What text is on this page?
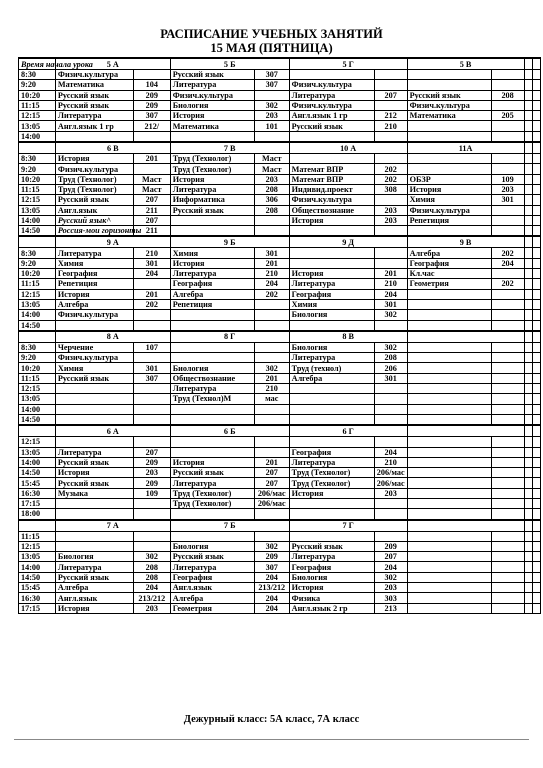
РАСПИСАНИЕ УЧЕБНЫХ ЗАНЯТИЙ
15 МАЯ (ПЯТНИЦА)
Время начала урока	5 А		5 Б		5 Г		5 В			
8:30	Физич.культура		Русский язык	307						
9:20	Математика	104	Литература	307	Физич.культура					
10:20	Русский язык	209	Физич.культура		Литература	207	Русский язык	208		
11:15	Русский язык	209	Биология	302	Физич.культура		Физич.культура			
12:15	Литература	307	История	203	Англ.язык 1 гр	212	Математика	205		
13:05	Англ.язык 1 гр	212/	Математика	101	Русский язык	210				
14:00										
	6 В		7 В		10 А		11А			
8:30	История	201	Труд (Технолог)	Маст						
9:20	Физич.культура		Труд (Технолог)	Маст	Математ ВПР	202				
10:20	Труд (Технолог)	Маст	История	203	Математ ВПР	202	ОБЗР	109		
11:15	Труд (Технолог)	Маст	Литература	208	Индивид.проект	308	История	203		
12:15	Русский язык	207	Информатика	306	Физич.культура		Химия	301		
13:05	Англ.язык	211	Русский язык	208	Обществознание	203	Физич.культура			
14:00	Русский язык^	207			История	203	Репетиция			
14:50	Россия-мои горизонты	211								
	9 А		9 Б		9 Д		9 В			
8:30	Литература	210	Химия	301			Алгебра	202		
9:20	Химия	301	История	201			География	204		
10:20	География	204	Литература	210	История	201	Кл.час			
11:15	Репетиция		География	204	Литература	210	Геометрия	202		
12:15	История	201	Алгебра	202	География	204				
13:05	Алгебра	202	Репетиция		Химия	301				
14:00	Физич.культура				Биология	302				
14:50										
	8 А		8 Г		8 В					
8:30	Черчение	107			Биология	302				
9:20	Физич.культура				Литература	208				
10:20	Химия	301	Биология	302	Труд (технол)	206				
11:15	Русский язык	307	Обществознание	201	Алгебра	301				
12:15			Литература	210						
13:05			Труд (Технол)М	мас						
14:00										
14:50										
	6 А		6 Б		6 Г					
12:15										
13:05	Литература	207			География	204				
14:00	Русский язык	209	История	201	Литература	210				
14:50	История	203	Русский язык	207	Труд (Технолог)	206/мас				
15:45	Русский язык	209	Литература	207	Труд (Технолог)	206/мас				
16:30	Музыка	109	Труд (Технолог)	206/мас	История	203				
17:15			Труд (Технолог)	206/мас						
18:00										
	7 А		7 Б		7 Г					
11:15										
12:15			Биология	302	Русский язык	209				
13:05	Биология	302	Русский язык	209	Литература	207				
14:00	Литература	208	Литература	307	География	204				
14:50	Русский язык	208	География	204	Биология	302				
15:45	Алгебра	204	Англ.язык	213/212	История	203				
16:30	Англ.язык	213/212	Алгебра	204	Физика	303				
17:15	История	203	Геометрия	204	Англ.язык 2 гр	213				
Дежурный класс: 5А класс, 7А класс
